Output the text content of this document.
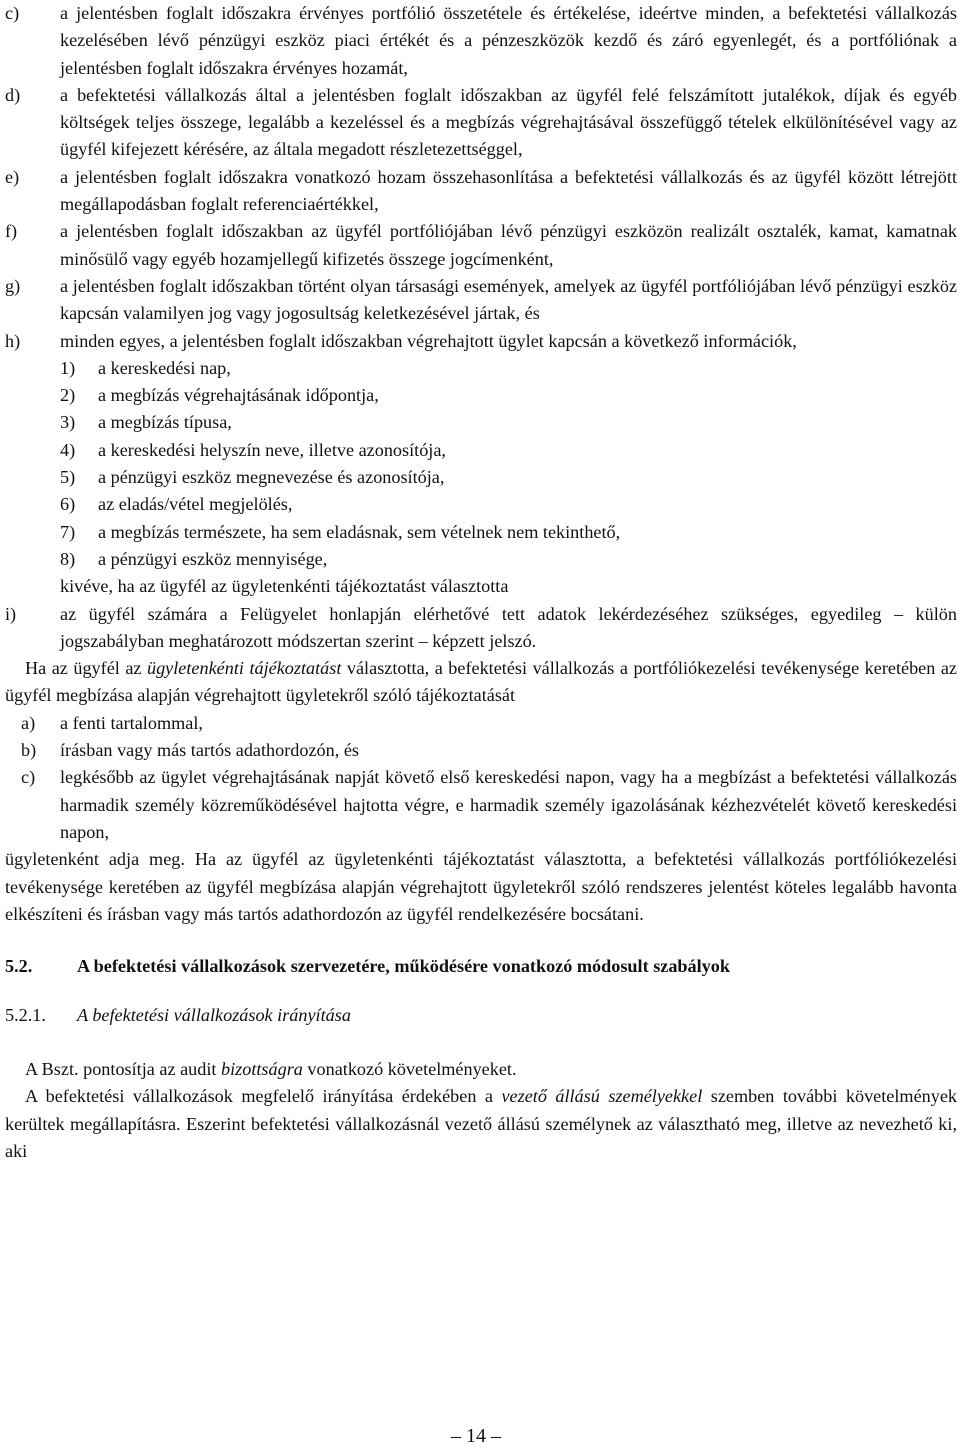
c) a jelentésben foglalt időszakra érvényes portfólió összetétele és értékelése, ideértve minden, a befektetési vállalkozás kezelésében lévő pénzügyi eszköz piaci értékét és a pénzeszközök kezdő és záró egyenlegét, és a portfóliónak a jelentésben foglalt időszakra érvényes hozamát,
d) a befektetési vállalkozás által a jelentésben foglalt időszakban az ügyfél felé felszámított jutalékok, díjak és egyéb költségek teljes összege, legalább a kezeléssel és a megbízás végrehajtásával összefüggő tételek elkülönítésével vagy az ügyfél kifejezett kérésére, az általa megadott részletezettséggel,
e) a jelentésben foglalt időszakra vonatkozó hozam összehasonlítása a befektetési vállalkozás és az ügyfél között létrejött megállapodásban foglalt referenciaértékkel,
f) a jelentésben foglalt időszakban az ügyfél portfóliójában lévő pénzügyi eszközön realizált osztalék, kamat, kamatnak minősülő vagy egyéb hozamjellegű kifizetés összege jogcímenként,
g) a jelentésben foglalt időszakban történt olyan társasági események, amelyek az ügyfél portfóliójában lévő pénzügyi eszköz kapcsán valamilyen jog vagy jogosultság keletkezésével jártak, és
h) minden egyes, a jelentésben foglalt időszakban végrehajtott ügylet kapcsán a következő információk,
1) a kereskedési nap,
2) a megbízás végrehajtásának időpontja,
3) a megbízás típusa,
4) a kereskedési helyszín neve, illetve azonosítója,
5) a pénzügyi eszköz megnevezése és azonosítója,
6) az eladás/vétel megjelölés,
7) a megbízás természete, ha sem eladásnak, sem vételnek nem tekinthető,
8) a pénzügyi eszköz mennyisége,
kivéve, ha az ügyfél az ügyletenkénti tájékoztatást választotta
i) az ügyfél számára a Felügyelet honlapján elérhetővé tett adatok lekérdezéséhez szükséges, egyedileg – külön jogszabályban meghatározott módszertan szerint – képzett jelszó.

Ha az ügyfél az ügyletenkénti tájékoztatást választotta, a befektetési vállalkozás a portfóliókezelési tevékenysége keretében az ügyfél megbízása alapján végrehajtott ügyletekről szóló tájékoztatását

a) a fenti tartalommal,
b) írásban vagy más tartós adathordozón, és
c) legkésőbb az ügylet végrehajtásának napját követő első kereskedési napon, vagy ha a megbízást a befektetési vállalkozás harmadik személy közreműködésével hajtotta végre, e harmadik személy igazolásának kézhezvételét követő kereskedési napon,

ügyletenként adja meg. Ha az ügyfél az ügyletenkénti tájékoztatást választotta, a befektetési vállalkozás portfóliókezelési tevékenysége keretében az ügyfél megbízása alapján végrehajtott ügyletekről szóló rendszeres jelentést köteles legalább havonta elkészíteni és írásban vagy más tartós adathordozón az ügyfél rendelkezésére bocsátani.

5.2. A befektetési vállalkozások szervezetére, működésére vonatkozó módosult szabályok
5.2.1. A befektetési vállalkozások irányítása

A Bszt. pontosítja az audit bizottságra vonatkozó követelményeket.

A befektetési vállalkozások megfelelő irányítása érdekében a vezető állású személyekkel szemben további követelmények kerültek megállapításra. Eszerint befektetési vállalkozásnál vezető állású személynek az választható meg, illetve az nevezhető ki, aki

– 14 –
